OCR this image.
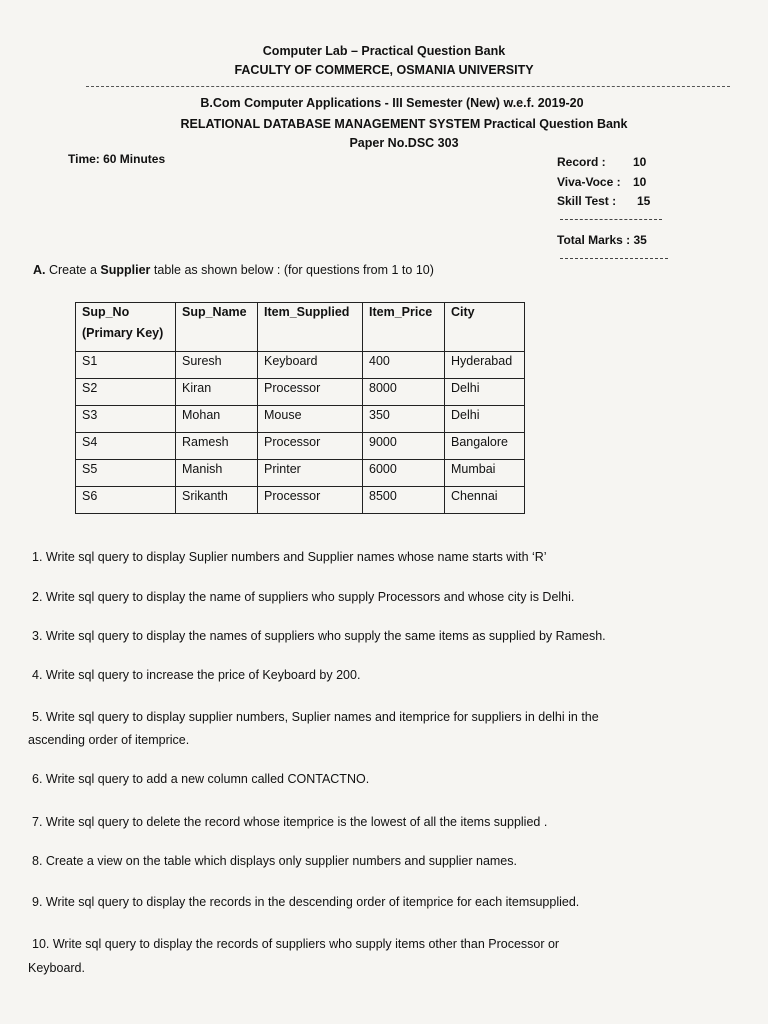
Computer Lab – Practical Question Bank
FACULTY OF COMMERCE, OSMANIA UNIVERSITY
B.Com Computer Applications - III Semester (New) w.e.f. 2019-20
RELATIONAL DATABASE MANAGEMENT SYSTEM Practical Question Bank
Paper No.DSC 303
Time: 60 Minutes	Record : 10
Viva-Voce : 10
Skill Test : 15
Total Marks : 35
A. Create a Supplier table as shown below : (for questions from 1 to 10)
Sup_No
(Primary Key)	Sup_Name	Item_Supplied	Item_Price	City
S1	Suresh	Keyboard	400	Hyderabad
S2	Kiran	Processor	8000	Delhi
S3	Mohan	Mouse	350	Delhi
S4	Ramesh	Processor	9000	Bangalore
S5	Manish	Printer	6000	Mumbai
S6	Srikanth	Processor	8500	Chennai
1. Write sql query to display Suplier numbers and Supplier names whose name starts with ‘R’
2. Write sql query to display the name of suppliers who supply Processors and whose city is Delhi.
3. Write sql query to display the names of suppliers who supply the same items as supplied by Ramesh.
4. Write sql query to increase the price of Keyboard by 200.
5. Write sql query to display supplier numbers, Suplier names and itemprice for suppliers in delhi in the
ascending order of itemprice.
6. Write sql query to add a new column called CONTACTNO.
7. Write sql query to delete the record whose itemprice is the lowest of all the items supplied .
8. Create a view on the table which displays only supplier numbers and supplier names.
9. Write sql query to display the records in the descending order of itemprice for each itemsupplied.
10. Write sql query to display the records of suppliers who supply items other than Processor or
Keyboard.
